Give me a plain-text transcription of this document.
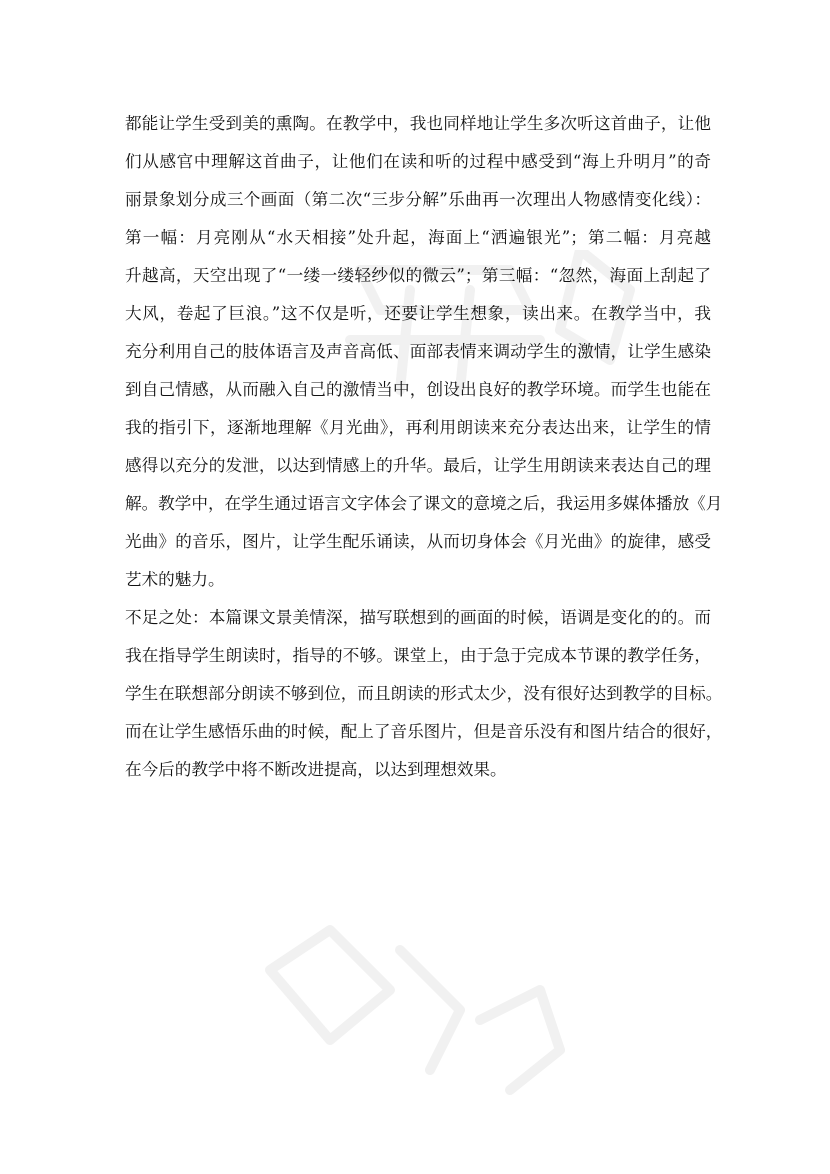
都能让学生受到美的熏陶。在教学中，我也同样地让学生多次听这首曲子，让他
们从感官中理解这首曲子，让他们在读和听的过程中感受到“海上升明月”的奇
丽景象划分成三个画面（第二次“三步分解”乐曲再一次理出人物感情变化线）：
第一幅：月亮刚从“水天相接”处升起，海面上“洒遍银光”；第二幅：月亮越
升越高，天空出现了“一缕一缕轻纱似的微云”；第三幅：“忽然，海面上刮起了
大风，卷起了巨浪。”这不仅是听，还要让学生想象，读出来。在教学当中，我
充分利用自己的肢体语言及声音高低、面部表情来调动学生的激情，让学生感染
到自己情感，从而融入自己的激情当中，创设出良好的教学环境。而学生也能在
我的指引下，逐渐地理解《月光曲》，再利用朗读来充分表达出来，让学生的情
感得以充分的发泄，以达到情感上的升华。最后，让学生用朗读来表达自己的理
解。教学中，在学生通过语言文字体会了课文的意境之后，我运用多媒体播放《月
光曲》的音乐，图片，让学生配乐诵读，从而切身体会《月光曲》的旋律，感受
艺术的魅力。
不足之处：本篇课文景美情深，描写联想到的画面的时候，语调是变化的的。而
我在指导学生朗读时，指导的不够。课堂上，由于急于完成本节课的教学任务，
学生在联想部分朗读不够到位，而且朗读的形式太少，没有很好达到教学的目标。
而在让学生感悟乐曲的时候，配上了音乐图片，但是音乐没有和图片结合的很好，
在今后的教学中将不断改进提高，以达到理想效果。
